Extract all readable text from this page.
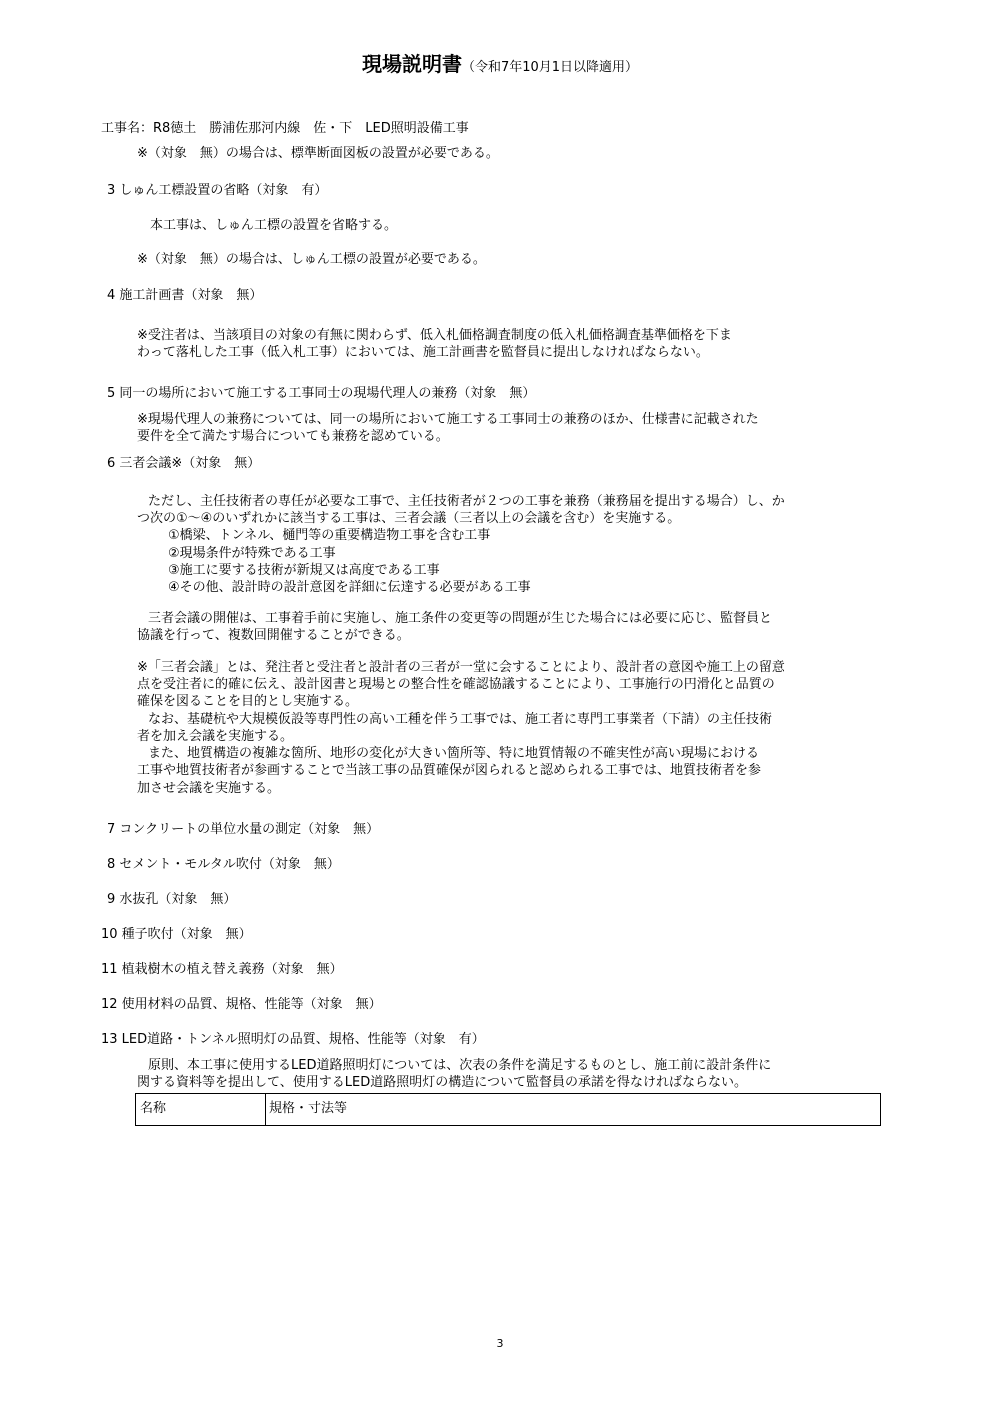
現場説明書（令和7年10月1日以降適用）
工事名：R8徳土　勝浦佐那河内線　佐・下　LED照明設備工事
※（対象　無）の場合は、標準断面図板の設置が必要である。
3 しゅん工標設置の省略（対象　有）
本工事は、しゅん工標の設置を省略する。
※（対象　無）の場合は、しゅん工標の設置が必要である。
4 施工計画書（対象　無）
※受注者は、当該項目の対象の有無に関わらず、低入札価格調査制度の低入札価格調査基準価格を下ま
わって落札した工事（低入札工事）においては、施工計画書を監督員に提出しなければならない。
5 同一の場所において施工する工事同士の現場代理人の兼務（対象　無）
※現場代理人の兼務については、同一の場所において施工する工事同士の兼務のほか、仕様書に記載された
要件を全て満たす場合についても兼務を認めている。
6 三者会議※（対象　無）
ただし、主任技術者の専任が必要な工事で、主任技術者が２つの工事を兼務（兼務届を提出する場合）し、か
つ次の①～④のいずれかに該当する工事は、三者会議（三者以上の会議を含む）を実施する。
①橋梁、トンネル、樋門等の重要構造物工事を含む工事
②現場条件が特殊である工事
③施工に要する技術が新規又は高度である工事
④その他、設計時の設計意図を詳細に伝達する必要がある工事
三者会議の開催は、工事着手前に実施し、施工条件の変更等の問題が生じた場合には必要に応じ、監督員と
協議を行って、複数回開催することができる。
※「三者会議」とは、発注者と受注者と設計者の三者が一堂に会することにより、設計者の意図や施工上の留意
点を受注者に的確に伝え、設計図書と現場との整合性を確認協議することにより、工事施行の円滑化と品質の
確保を図ることを目的とし実施する。
なお、基礎杭や大規模仮設等専門性の高い工種を伴う工事では、施工者に専門工事業者（下請）の主任技術
者を加え会議を実施する。
また、地質構造の複雑な箇所、地形の変化が大きい箇所等、特に地質情報の不確実性が高い現場における
工事や地質技術者が参画することで当該工事の品質確保が図られると認められる工事では、地質技術者を参
加させ会議を実施する。
7 コンクリートの単位水量の測定（対象　無）
8 セメント・モルタル吹付（対象　無）
9 水抜孔（対象　無）
10 種子吹付（対象　無）
11 植栽樹木の植え替え義務（対象　無）
12 使用材料の品質、規格、性能等（対象　無）
13 LED道路・トンネル照明灯の品質、規格、性能等（対象　有）
原則、本工事に使用するLED道路照明灯については、次表の条件を満足するものとし、施工前に設計条件に
関する資料等を提出して、使用するLED道路照明灯の構造について監督員の承諾を得なければならない。
名称	規格・寸法等
3
